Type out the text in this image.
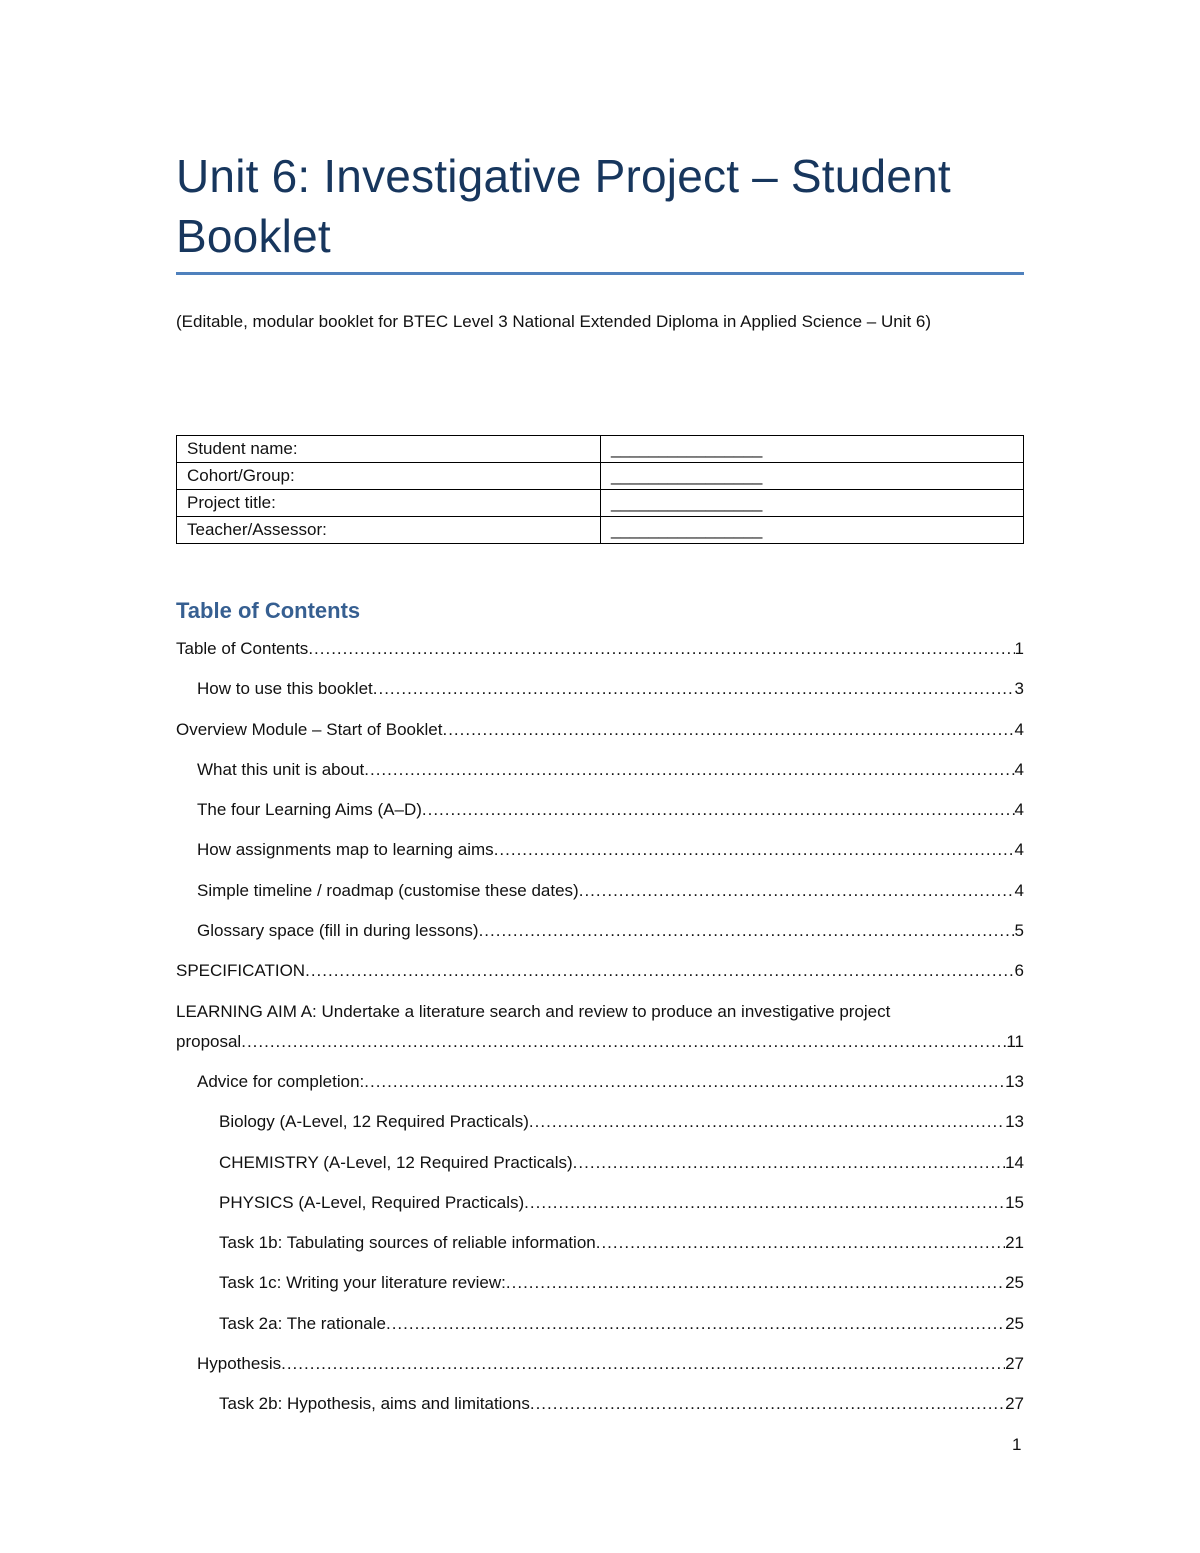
Unit 6: Investigative Project – Student Booklet

(Editable, modular booklet for BTEC Level 3 National Extended Diploma in Applied Science – Unit 6)

Student name:	________________
Cohort/Group:	________________
Project title:	________________
Teacher/Assessor:	________________
Table of Contents
Table of Contents .....	1
How to use this booklet .....	3
Overview Module – Start of Booklet .....	4
What this unit is about .....	4
The four Learning Aims (A–D) .....	4
How assignments map to learning aims .....	4
Simple timeline / roadmap (customise these dates) .....	4
Glossary space (fill in during lessons) .....	5
SPECIFICATION .....	6
LEARNING AIM A: Undertake a literature search and review to produce an investigative project
proposal .....	11
Advice for completion: .....	13
Biology (A-Level, 12 Required Practicals) .....	13
CHEMISTRY (A-Level, 12 Required Practicals) .....	14
PHYSICS (A-Level, Required Practicals) .....	15
Task 1b: Tabulating sources of reliable information .....	21
Task 1c: Writing your literature review: .....	25
Task 2a: The rationale .....	25
Hypothesis .....	27
Task 2b: Hypothesis, aims and limitations .....	27
1
